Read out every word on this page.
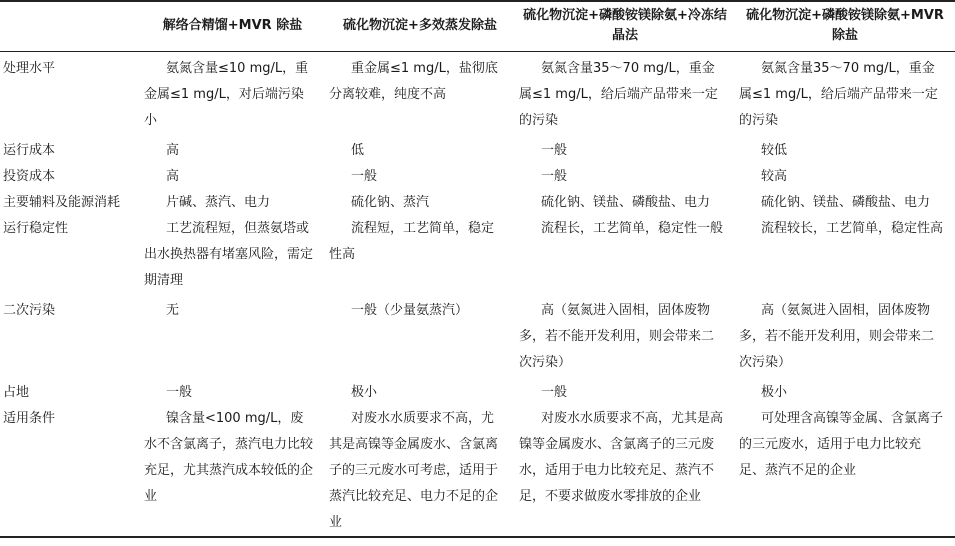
	解络合精馏+MVR 除盐	硫化物沉淀+多效蒸发除盐	硫化物沉淀+磷酸铵镁除氨+冷冻结晶法	硫化物沉淀+磷酸铵镁除氨+MVR 除盐
处理水平	氨氮含量≤10 mg/L，重金属≤1 mg/L，对后端污染小	重金属≤1 mg/L，盐彻底分离较难，纯度不高	氨氮含量35～70 mg/L，重金属≤1 mg/L，给后端产品带来一定的污染	氨氮含量35～70 mg/L，重金属≤1 mg/L，给后端产品带来一定的污染
运行成本	高	低	一般	较低
投资成本	高	一般	一般	较高
主要辅料及能源消耗	片碱、蒸汽、电力	硫化钠、蒸汽	硫化钠、镁盐、磷酸盐、电力	硫化钠、镁盐、磷酸盐、电力
运行稳定性	工艺流程短，但蒸氨塔或出水换热器有堵塞风险，需定期清理	流程短，工艺简单，稳定性高	流程长，工艺简单，稳定性一般	流程较长，工艺简单，稳定性高
二次污染	无	一般（少量氨蒸汽）	高（氨氮进入固相，固体废物多，若不能开发利用，则会带来二次污染）	高（氨氮进入固相，固体废物多，若不能开发利用，则会带来二次污染）
占地	一般	极小	一般	极小
适用条件	镍含量<100 mg/L，废水不含氯离子，蒸汽电力比较充足，尤其蒸汽成本较低的企业	对废水水质要求不高，尤其是高镍等金属废水、含氯离子的三元废水可考虑，适用于蒸汽比较充足、电力不足的企业	对废水水质要求不高，尤其是高镍等金属废水、含氯离子的三元废水，适用于电力比较充足、蒸汽不足，不要求做废水零排放的企业	可处理含高镍等金属、含氯离子的三元废水，适用于电力比较充足、蒸汽不足的企业
